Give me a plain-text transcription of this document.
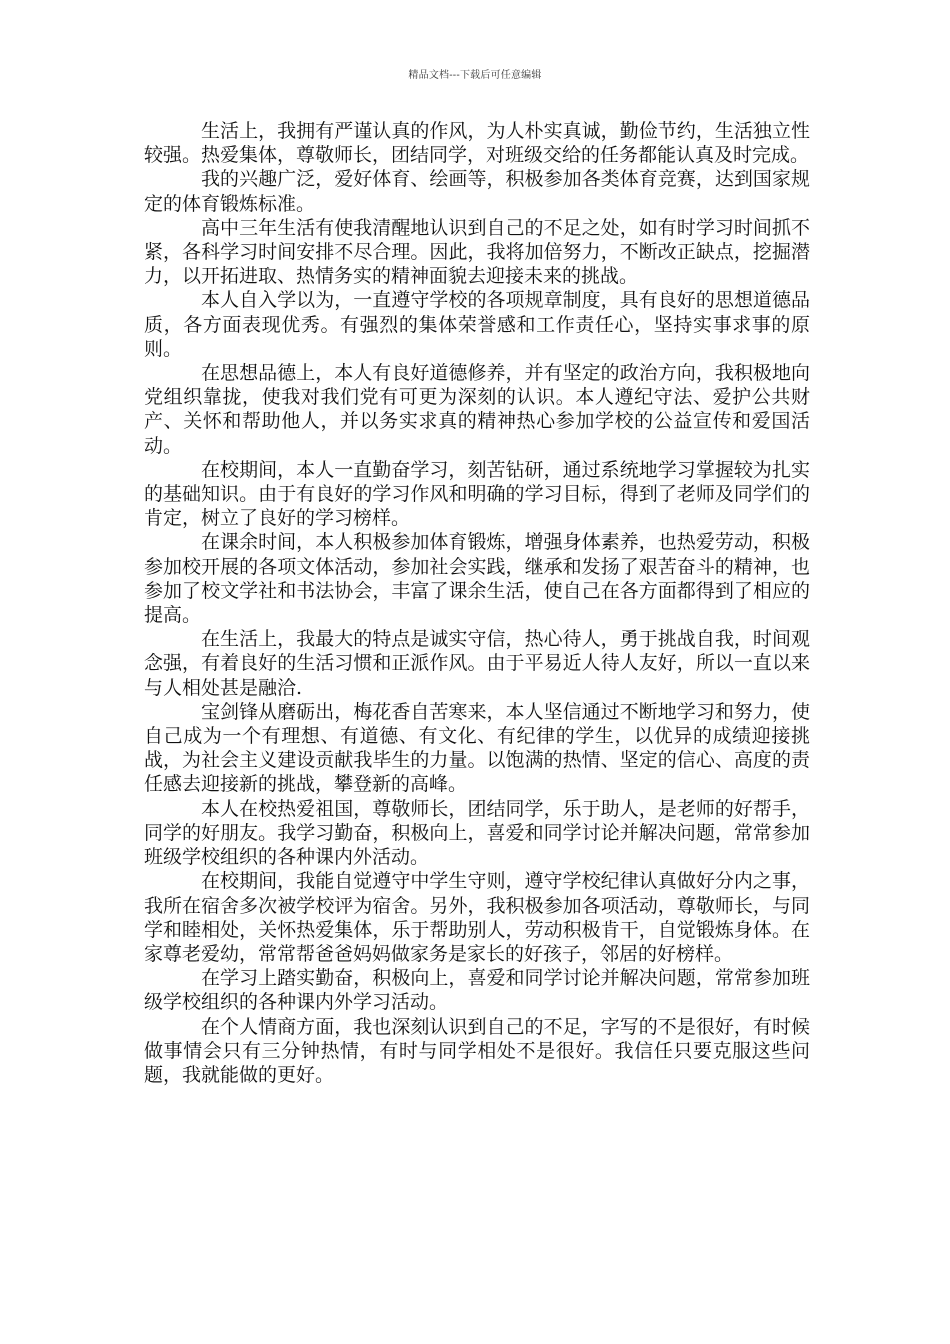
精品文档---下载后可任意编辑

生活上，我拥有严谨认真的作风，为人朴实真诚，勤俭节约，生活独立性较强。热爱集体，尊敬师长，团结同学，对班级交给的任务都能认真及时完成。

我的兴趣广泛，爱好体育、绘画等，积极参加各类体育竞赛，达到国家规定的体育锻炼标准。

高中三年生活有使我清醒地认识到自己的不足之处，如有时学习时间抓不紧，各科学习时间安排不尽合理。因此，我将加倍努力，不断改正缺点，挖掘潜力，以开拓进取、热情务实的精神面貌去迎接未来的挑战。

本人自入学以为，一直遵守学校的各项规章制度，具有良好的思想道德品质，各方面表现优秀。有强烈的集体荣誉感和工作责任心，坚持实事求事的原则。

在思想品德上，本人有良好道德修养，并有坚定的政治方向，我积极地向党组织靠拢，使我对我们党有可更为深刻的认识。本人遵纪守法、爱护公共财产、关怀和帮助他人，并以务实求真的精神热心参加学校的公益宣传和爱国活动。

在校期间，本人一直勤奋学习，刻苦钻研，通过系统地学习掌握较为扎实的基础知识。由于有良好的学习作风和明确的学习目标，得到了老师及同学们的肯定，树立了良好的学习榜样。

在课余时间，本人积极参加体育锻炼，增强身体素养，也热爱劳动，积极参加校开展的各项文体活动，参加社会实践，继承和发扬了艰苦奋斗的精神，也参加了校文学社和书法协会，丰富了课余生活，使自己在各方面都得到了相应的提高。

在生活上，我最大的特点是诚实守信，热心待人，勇于挑战自我，时间观念强，有着良好的生活习惯和正派作风。由于平易近人待人友好，所以一直以来与人相处甚是融洽.

宝剑锋从磨砺出，梅花香自苦寒来，本人坚信通过不断地学习和努力，使自己成为一个有理想、有道德、有文化、有纪律的学生，以优异的成绩迎接挑战，为社会主义建设贡献我毕生的力量。以饱满的热情、坚定的信心、高度的责任感去迎接新的挑战，攀登新的高峰。

本人在校热爱祖国，尊敬师长，团结同学，乐于助人，是老师的好帮手，同学的好朋友。我学习勤奋，积极向上，喜爱和同学讨论并解决问题，常常参加班级学校组织的各种课内外活动。

在校期间，我能自觉遵守中学生守则，遵守学校纪律认真做好分内之事，我所在宿舍多次被学校评为宿舍。另外，我积极参加各项活动，尊敬师长，与同学和睦相处，关怀热爱集体，乐于帮助别人，劳动积极肯干，自觉锻炼身体。在家尊老爱幼，常常帮爸爸妈妈做家务是家长的好孩子，邻居的好榜样。

在学习上踏实勤奋，积极向上，喜爱和同学讨论并解决问题，常常参加班级学校组织的各种课内外学习活动。

在个人情商方面，我也深刻认识到自己的不足，字写的不是很好，有时候做事情会只有三分钟热情，有时与同学相处不是很好。我信任只要克服这些问题，我就能做的更好。
